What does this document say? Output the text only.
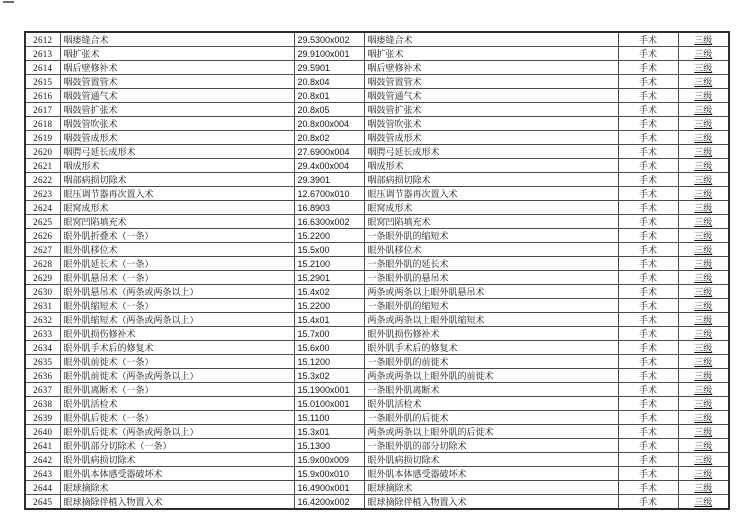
2612	咽瘘缝合术	29.5300x002	咽瘘缝合术	手术	三级
2613	咽扩张术	29.9100x001	咽扩张术	手术	三级
2614	咽后壁修补术	29.5901	咽后壁修补术	手术	三级
2615	咽鼓管置管术	20.8x04	咽鼓管置管术	手术	三级
2616	咽鼓管通气术	20.8x01	咽鼓管通气术	手术	三级
2617	咽鼓管扩张术	20.8x05	咽鼓管扩张术	手术	三级
2618	咽鼓管吹张术	20.8x00x004	咽鼓管吹张术	手术	三级
2619	咽鼓管成形术	20.8x02	咽鼓管成形术	手术	三级
2620	咽腭弓延长成形术	27.6900x004	咽腭弓延长成形术	手术	三级
2621	咽成形术	29.4x00x004	咽成形术	手术	三级
2622	咽部病损切除术	29.3901	咽部病损切除术	手术	三级
2623	眼压调节器再次置入术	12.6700x010	眼压调节器再次置入术	手术	三级
2624	眼窝成形术	16.8903	眼窝成形术	手术	三级
2625	眼窝凹陷填充术	16.6300x002	眼窝凹陷填充术	手术	三级
2626	眼外肌折叠术（一条）	15.2200	一条眼外肌的缩短术	手术	三级
2627	眼外肌移位术	15.5x00	眼外肌移位术	手术	三级
2628	眼外肌延长术（一条）	15.2100	一条眼外肌的延长术	手术	三级
2629	眼外肌悬吊术（一条）	15.2901	一条眼外肌的悬吊术	手术	三级
2630	眼外肌悬吊术（两条或两条以上）	15.4x02	两条或两条以上眼外肌悬吊术	手术	三级
2631	眼外肌缩短术（一条）	15.2200	一条眼外肌的缩短术	手术	三级
2632	眼外肌缩短术（两条或两条以上）	15.4x01	两条或两条以上眼外肌缩短术	手术	三级
2633	眼外肌损伤修补术	15.7x00	眼外肌损伤修补术	手术	三级
2634	眼外肌手术后的修复术	15.6x00	眼外肌手术后的修复术	手术	三级
2635	眼外肌前徙术（一条）	15.1200	一条眼外肌的前徙术	手术	三级
2636	眼外肌前徙术（两条或两条以上）	15.3x02	两条或两条以上眼外肌的前徙术	手术	三级
2637	眼外肌离断术（一条）	15.1900x001	一条眼外肌离断术	手术	三级
2638	眼外肌活检术	15.0100x001	眼外肌活检术	手术	三级
2639	眼外肌后徙术（一条）	15.1100	一条眼外肌的后徙术	手术	三级
2640	眼外肌后徙术（两条或两条以上）	15.3x01	两条或两条以上眼外肌的后徙术	手术	三级
2641	眼外肌部分切除术（一条）	15.1300	一条眼外肌的部分切除术	手术	三级
2642	眼外肌病损切除术	15.9x00x009	眼外肌病损切除术	手术	三级
2643	眼外肌本体感受器破坏术	15.9x00x010	眼外肌本体感受器破坏术	手术	三级
2644	眼球摘除术	16.4900x001	眼球摘除术	手术	三级
2645	眼球摘除伴植入物置入术	16.4200x002	眼球摘除伴植入物置入术	手术	三级
